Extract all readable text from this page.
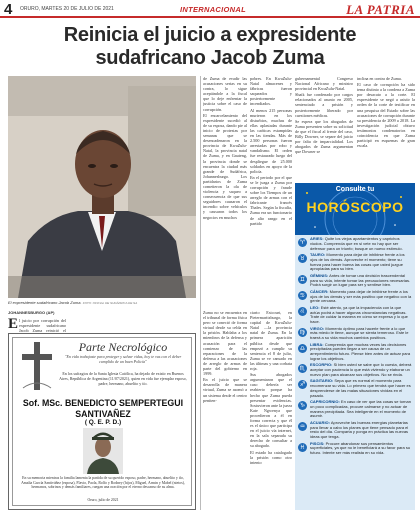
4 ORURO, MARTES 20 DE JULIO DE 2021	INTERNACIONAL	LA PATRIA
Reinicia el juicio a expresidente sudafricano Jacob Zuma
El expresidente sudafricano Jacob Zuma. FOTO: OFICIAL DE SUDÁFRICA DE SA
JOHANNESBURGO (AP)
E l juicio por corrupción del expresidente sudafricano Jacob Zuma reinició el

Zuma no se encuentra en el tribunal de forma física pero se conectó de forma virtual desde su celda en la prisión. Hablaba a los miembros de la defensa y acusación para el comienzo de las reparaciones de la defensa a las acusaciones de arreglo de armas de parte del gobierno en 1999.

En el juicio que se desarrolla de manera virtual, Zuma se asomó a un sistema desde el centro peniten-

ciario Estcourt, en Pietermaritzburgo, la capital de KwaZulu-Natal —la provincia natal de Zuma. En la primera aparición pública desde que empezó a cumplir su sentencia el 8 de julio, Zuma se ve cansado en las últimas y una corbata roja.

Sus abogados argumentaron que el caso debería ser reabierto porque ha hecho que Zuma pueda presentar evidencias. Sostuvieron ante la jueza Kate Ngwenya que procedieron a él en forma correcta y que él es el único que participa en el juicio vía internet, en la sala separada su derecho de consultar a su abogado.

El estado ha catalogado la prisión como otro intento

de Zuma de evadir las acusaciones serias en su contra, lo sigue aceptándole a la fiscal que lo deje enfrentar la justicia sobre el caso de corrupción.

El encarcelamiento del expresidente sucedió al de su esposa, dando pie al inicio de protestas por semanas que se desencadenaron en la provincia de KwaZulu-Natal, la provincia natal de Zuma, y en Gauteng, la provincia donde se encuentra la ciudad más grande de Sudáfrica, Johannesburgo. Los partidarios de Zuma cometieron la ola de violencia y saqueo a consecuencia de que sus seguidores causaron el incendio sobre vehículos y causaron todos los negocios en muchos

pobres. En KwaZulu-Natal almacenes y fábricas fueron saqueados y posteriormente incendiados.

Al menos 215 personas murieron en los disturbios, muchas de ellas aplastadas durante las caóticas estampidas en las tiendas. Más de 2.500 personas fueron arrestadas por robo y vandalismo. El orden fue restaurado luego del despliegue de 25.000 soldados en apoyo de la policía.

En el periodo por el que se le juzga a Zuma por corrupción y fraude sobre los Tiempos de un arreglo de armas con el fabricante francés Thales. Según la fiscalía, Zuma era un funcionario de alto rango en el partido

gubernamental Congreso Nacional Africano y ministro provincial en KwaZulu-Natal.

Shaik fue condenado por cargos relacionados al asunto en 2005, sentenciado a prisión y posteriormente liberado por cuestiones médicas.

Se espera que los abogados de Zuma presenten sobre su solicitud de que el fiscal al frente del caso, Billy Downer, se separe del juicio por falta de imparcialidad. Los abogados de Zuma argumentan que Downer se

inclina en contra de Zuma.

El caso de corrupción ha sido tema distinto a la condena a Zuma por desacato a la corte. El expresidente se negó a asistir la orden de la corte de testificar en una pesquisa del Estado sobre las acusaciones de corrupción durante su presidencia de 2009 a 2018. La investigación judicial obtuvo testimonios condenatorios en coincidencia en que Zuma participó en esquemas de gran escala.

Consulte tu
HORÓSCOPO
♈
ARIES: Quite los viejos apartamientos y caprichos viudos. Comprenda que en si vete no hay que ser defensor para un triunfo; busque un nuevo estímulo.
♉
TAURO: Momento para dejar de inhibirse frente a los ojos de los demás. Aproveche el momento; tiene su fuerza para hacer buena las cosas que usted juzgue apropiadas para su bien.
♊
GÉMINIS: Antes de tomar una decisión trascendental para su vida, intente tomar las precauciones necesarias. Podrá surgir un lugar para ser y sentirse bien.
♋
CÁNCER: Momento para dejar de inhibirse frente a los ojos de los demás y ser más positivo que negativo con la gente cercana.
♌
LEO: Esté atento, ya que la impaciencia con la que actúa podrá a hacer algunas circunstancias negativas. Trate de cuidar la manera en cómo se expresa y lo que hace.
♍
VIRGO: Momento óptimo para hacerle frente a lo que más miedo le tiene, aunque se sienta temeroso. Este le traerá a su vida muchos cambios positivos.
♎
LIBRA: Comprenda que muchas veces las decisiones precipitadas pueden llegar a ser causa de un arrepentimiento futuro. Piense bien antes de actuar para lograr los objetivos.
♏
ESCORPIO: Si bien usted se sabe que lo cuesta, deberá aceptar con paciencia lo que está viviendo y elaborar un nuevo plan para alcanzar sus objetivos. No se rinda.
♐
SAGITARIO: Sepa que es normal el momento para recomenzar su vida. Lo primero que tendrá que hacer es desprenderse de las malas situaciones vividas en el pasado.
♑
CAPRICORNIO: En caso de ver que las cosas se tornan un poco complicadas, procure calmarse y no actuar de manera precipitada. Sea inteligente en el momento de asumir.
♒
ACUARIO: Aproveche las buenas energías planetarias para llevar a cabo los planes que tiene pensado para el resto del día. Comparta y ponga en práctica las nuevas ideas que tenga.
♓
PISCIS: Procure abandonar sus pensamientos superficiales, ya que no le beneficiará a su favor para su futuro. Intente ser más realista en su vida.
Parte Necrológico
"En vida trabajaste para proteger y salvar vidas, hoy te vas con el deber cumplido de un buen Policía"
En los sufragios de la Santa Iglesia Católica, ha dejado de existir en Buenos Aires, República de Argentina (11/07/2021), quien en vida fue ejemplar esposo, padre, hermano, abuelito y tío.
Sof. MSc. BENEDICTO SEMPERTEGUI SANTIVAÑEZ
( Q. E. P. D.)
En su memoria mientras la familia lamenta la partida de su querido esposo, padre, hermano, abuelito y tío, Amalia García Santiváñez (esposa), Flavio, Paola, Rolfo y Rodney (hijos), Miguel, Armin y Mabel (nietos), hermanos, sobrinos y demás familiares, ruegan una oración por el eterno descanso de su alma.
Oruro, julio de 2021
